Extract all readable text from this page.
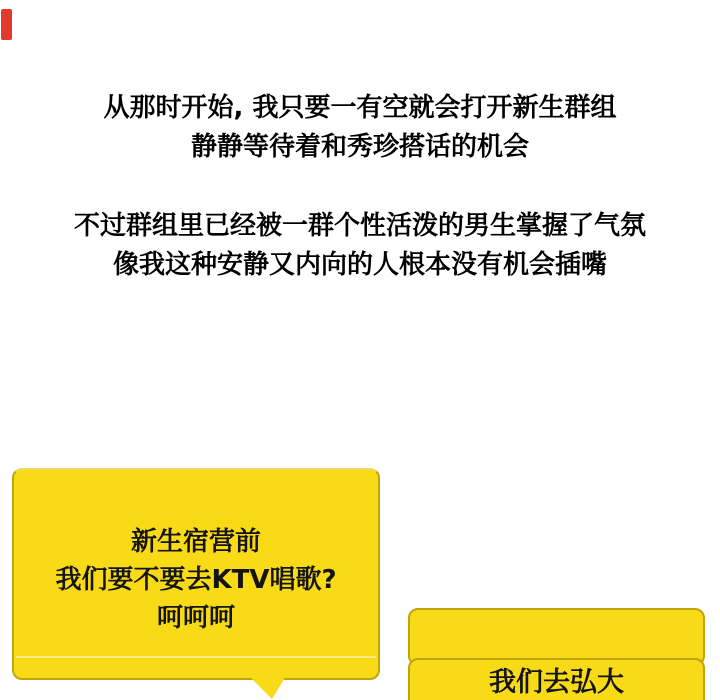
从那时开始, 我只要一有空就会打开新生群组
静静等待着和秀珍搭话的机会
不过群组里已经被一群个性活泼的男生掌握了气氛
像我这种安静又内向的人根本没有机会插嘴
新生宿营前
我们要不要去KTV唱歌?
呵呵呵
我们去弘大
